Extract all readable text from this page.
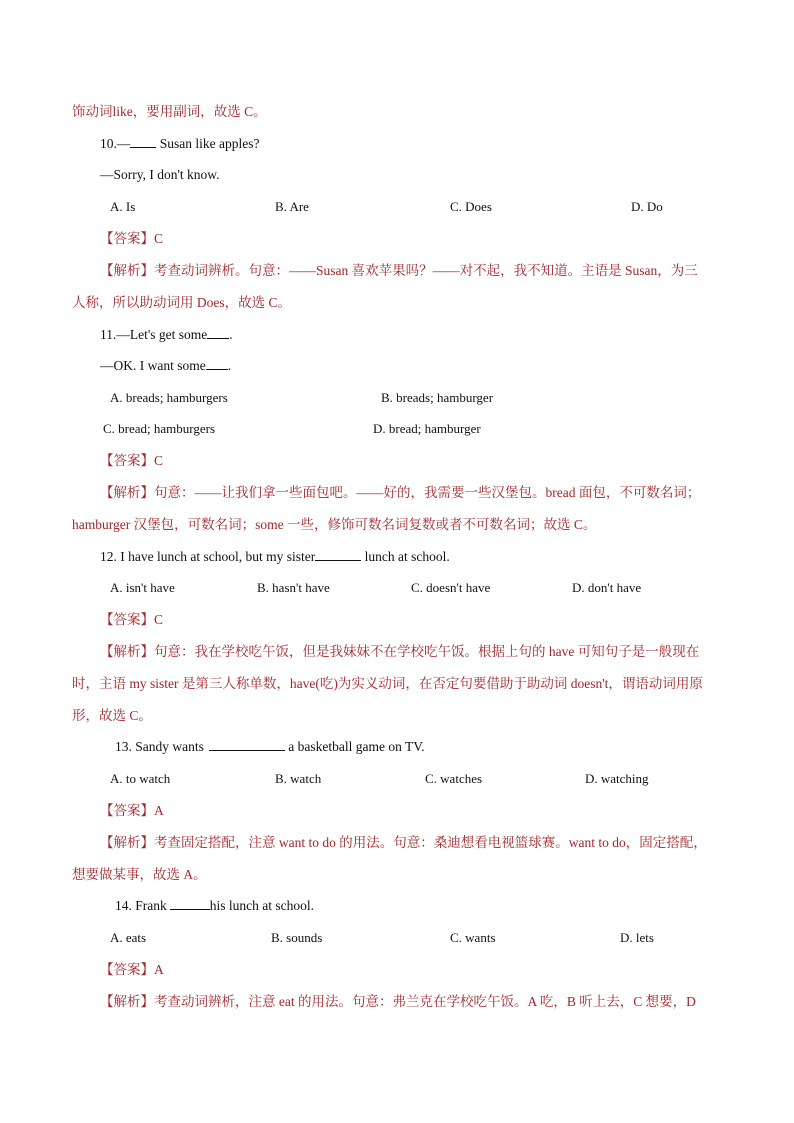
饰动词like，要用副词，故选 C。
10.— Susan like apples?
—Sorry, I don't know.
A. Is	B. Are	C. Does	D. Do
【答案】C
【解析】考查动词辨析。句意：——Susan 喜欢苹果吗？——对不起，我不知道。主语是 Susan，为三
人称，所以助动词用 Does，故选 C。
11.—Let's get some .
—OK. I want some .
A. breads; hamburgers	B. breads; hamburger
C. bread; hamburgers	D. bread; hamburger
【答案】C
【解析】句意：——让我们拿一些面包吧。——好的，我需要一些汉堡包。bread 面包，不可数名词；
hamburger 汉堡包，可数名词；some 一些，修饰可数名词复数或者不可数名词；故选 C。
12. I have lunch at school, but my sister	lunch at school.
A. isn't have	B. hasn't have	C. doesn't have	D. don't have
【答案】C
【解析】句意：我在学校吃午饭，但是我妹妹不在学校吃午饭。根据上句的 have 可知句子是一般现在
时，主语 my sister 是第三人称单数，have(吃)为实义动词，在否定句要借助于助动词 doesn't，谓语动词用原
形，故选 C。
13. Sandy wants	a basketball game on TV.
A. to watch	B. watch	C. watches	D. watching
【答案】A
【解析】考查固定搭配，注意 want to do 的用法。句意：桑迪想看电视篮球赛。want to do，固定搭配，
想要做某事，故选 A。
14. Frank	his lunch at school.
A. eats	B. sounds	C. wants	D. lets
【答案】A
【解析】考查动词辨析，注意 eat 的用法。句意：弗兰克在学校吃午饭。A 吃，B 听上去，C 想要，D
